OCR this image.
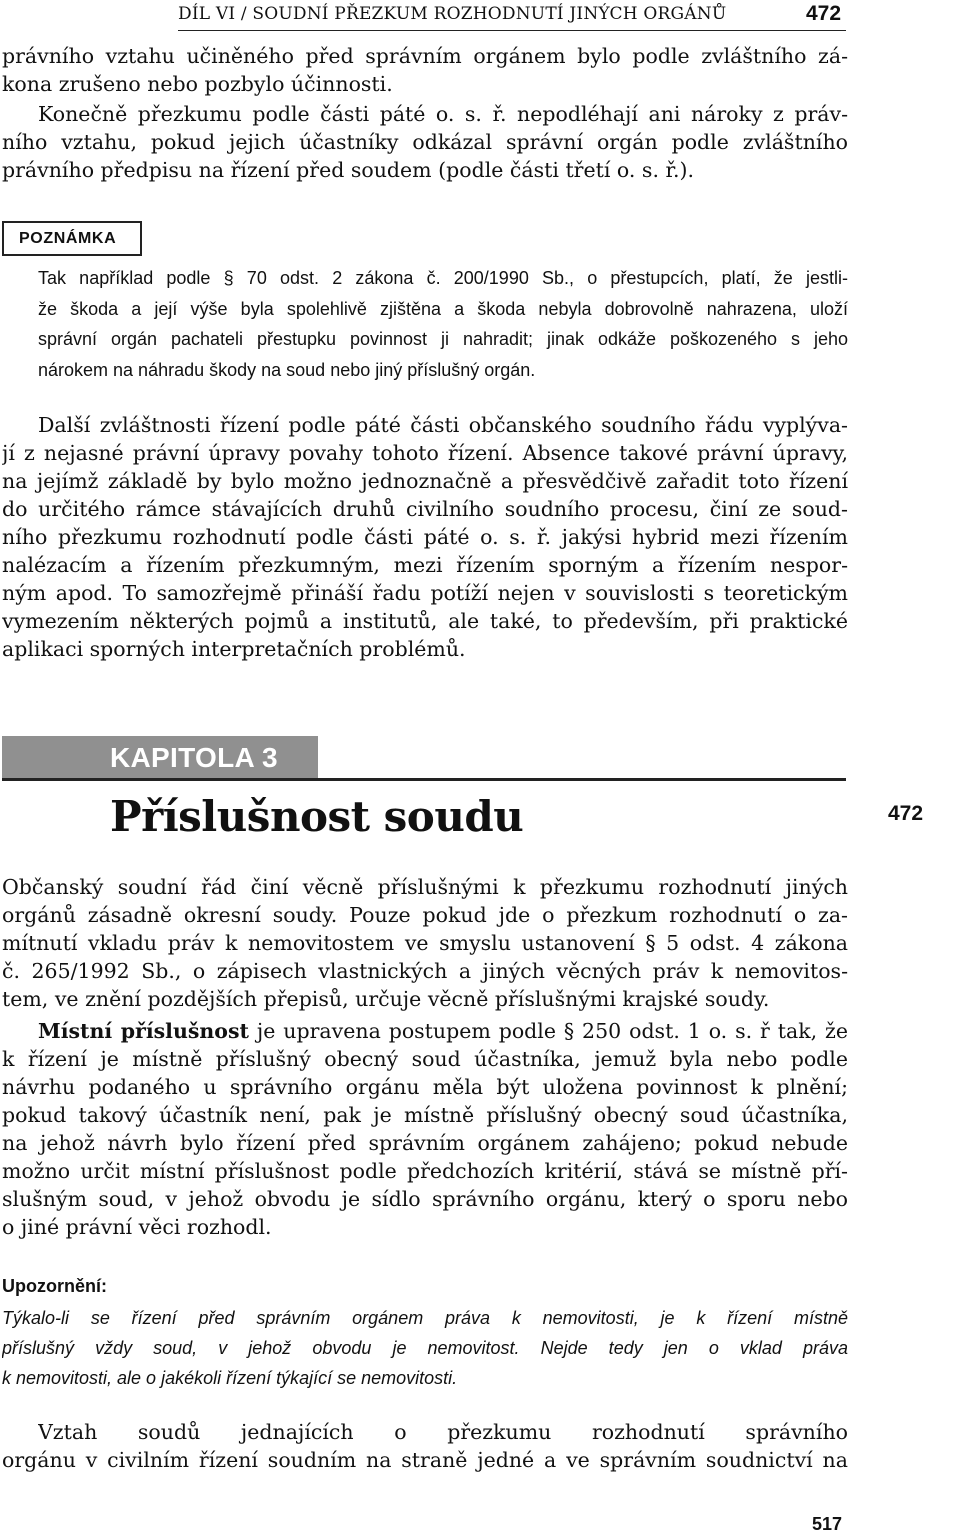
DÍL VI / SOUDNÍ PŘEZKUM ROZHODNUTÍ JINÝCH ORGÁNŮ	472
právního vztahu učiněného před správním orgánem bylo podle zvláštního zá-
kona zrušeno nebo pozbylo účinnosti.
Konečně přezkumu podle části páté o. s. ř. nepodléhají ani nároky z práv-
ního vztahu, pokud jejich účastníky odkázal správní orgán podle zvláštního
právního předpisu na řízení před soudem (podle části třetí o. s. ř.).
POZNÁMKA
Tak například podle § 70 odst. 2 zákona č. 200/1990 Sb., o přestupcích, platí, že jestli-
že škoda a její výše byla spolehlivě zjištěna a škoda nebyla dobrovolně nahrazena, uloží
správní orgán pachateli přestupku povinnost ji nahradit; jinak odkáže poškozeného s jeho
nárokem na náhradu škody na soud nebo jiný příslušný orgán.
Další zvláštnosti řízení podle páté části občanského soudního řádu vyplýva-
jí z nejasné právní úpravy povahy tohoto řízení. Absence takové právní úpravy,
na jejímž základě by bylo možno jednoznačně a přesvědčivě zařadit toto řízení
do určitého rámce stávajících druhů civilního soudního procesu, činí ze soud-
ního přezkumu rozhodnutí podle části páté o. s. ř. jakýsi hybrid mezi řízením
nalézacím a řízením přezkumným, mezi řízením sporným a řízením nespor-
ným apod. To samozřejmě přináší řadu potíží nejen v souvislosti s teoretickým
vymezením některých pojmů a institutů, ale také, to především, při praktické
aplikaci sporných interpretačních problémů.
KAPITOLA 3
Příslušnost soudu	472
Občanský soudní řád činí věcně příslušnými k přezkumu rozhodnutí jiných
orgánů zásadně okresní soudy. Pouze pokud jde o přezkum rozhodnutí o za-
mítnutí vkladu práv k nemovitostem ve smyslu ustanovení § 5 odst. 4 zákona
č. 265/1992 Sb., o zápisech vlastnických a jiných věcných práv k nemovitos-
tem, ve znění pozdějších přepisů, určuje věcně příslušnými krajské soudy.
Místní příslušnost je upravena postupem podle § 250 odst. 1 o. s. ř tak, že
k řízení je místně příslušný obecný soud účastníka, jemuž byla nebo podle
návrhu podaného u správního orgánu měla být uložena povinnost k plnění;
pokud takový účastník není, pak je místně příslušný obecný soud účastníka,
na jehož návrh bylo řízení před správním orgánem zahájeno; pokud nebude
možno určit místní příslušnost podle předchozích kritérií, stává se místně pří-
slušným soud, v jehož obvodu je sídlo správního orgánu, který o sporu nebo
o jiné právní věci rozhodl.
Upozornění:
Týkalo-li se řízení před správním orgánem práva k nemovitosti, je k řízení místně
příslušný vždy soud, v jehož obvodu je nemovitost. Nejde tedy jen o vklad práva
k nemovitosti, ale o jakékoli řízení týkající se nemovitosti.
Vztah soudů jednajících o přezkumu rozhodnutí správního
orgánu v civilním řízení soudním na straně jedné a ve správním soudnictví na
517
